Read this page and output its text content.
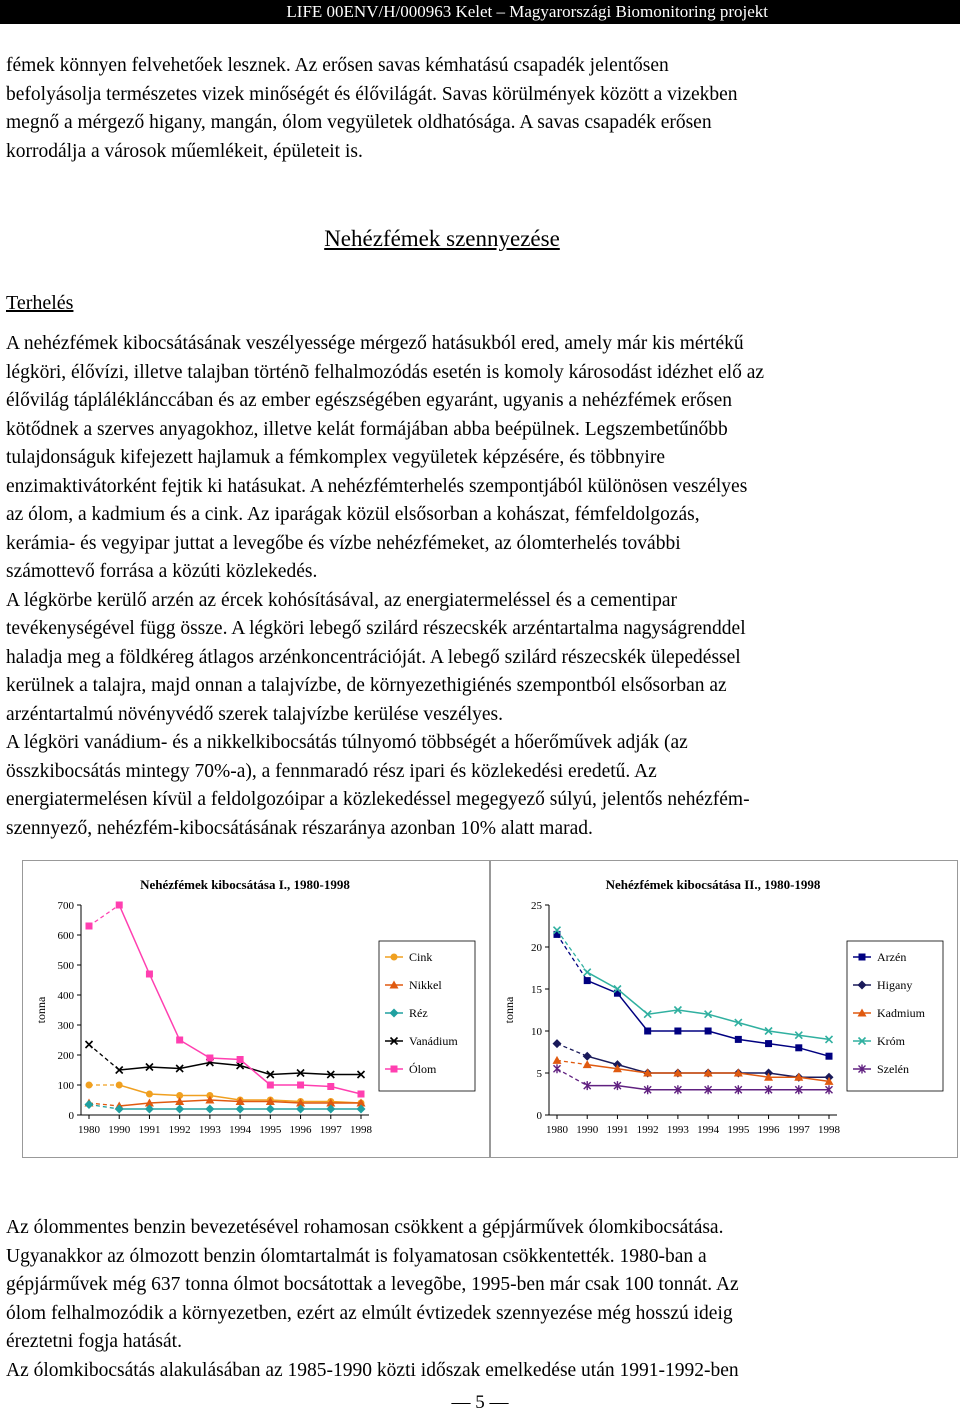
LIFE 00ENV/H/000963 Kelet – Magyarországi Biomonitoring projekt
fémek könnyen felvehetőek lesznek. Az erősen savas kémhatású csapadék jelentősen
befolyásolja természetes vizek minőségét és élővilágát. Savas körülmények között a vizekben
megnő a mérgező higany, mangán, ólom vegyületek oldhatósága. A savas csapadék erősen
korrodálja a városok műemlékeit, épületeit is.
Nehézfémek szennyezése
Terhelés
A nehézfémek kibocsátásának veszélyessége mérgező hatásukból ered, amely már kis mértékű
légköri, élővízi, illetve talajban történõ felhalmozódás esetén is komoly károsodást idézhet elő az
élővilág tápláléklánccában és az ember egészségében egyaránt, ugyanis a nehézfémek erősen
kötődnek a szerves anyagokhoz, illetve kelát formájában abba beépülnek. Legszembetűnőbb
tulajdonságuk kifejezett hajlamuk a fémkomplex vegyületek képzésére, és többnyire
enzimaktivátorként fejtik ki hatásukat. A nehézfémterhelés szempontjából különösen veszélyes
az ólom, a kadmium és a cink. Az iparágak közül elsősorban a kohászat, fémfeldolgozás,
kerámia- és vegyipar juttat a levegőbe és vízbe nehézfémeket, az ólomterhelés további
számottevő forrása a közúti közlekedés.
A légkörbe kerülő arzén az ércek kohósításával, az energiatermeléssel és a cementipar
tevékenységével függ össze. A légköri lebegő szilárd részecskék arzéntartalma nagyságrenddel
haladja meg a földkéreg átlagos arzénkoncentrációját. A lebegő szilárd részecskék ülepedéssel
kerülnek a talajra, majd onnan a talajvízbe, de környezethigiénés szempontból elsősorban az
arzéntartalmú növényvédő szerek talajvízbe kerülése veszélyes.
A légköri vanádium- és a nikkelkibocsátás túlnyomó többségét a hőerőművek adják (az
összkibocsátás mintegy 70%-a), a fennmaradó rész ipari és közlekedési eredetű. Az
energiatermelésen kívül a feldolgozóipar a közlekedéssel megegyező súlyú, jelentős nehézfém-
szennyező, nehézfém-kibocsátásának részaránya azonban 10% alatt marad.
Nehézfémek kibocsátása I., 1980-1998
tonna
0
100
200
300
400
500
600
700
1980 1990 1991 1992 1993 1994 1995 1996 1997 1998
Cink
Nikkel
Réz
Vanádium
Ólom
Nehézfémek kibocsátása II., 1980-1998
tonna
0
5
10
15
20
25
1980 1990 1991 1992 1993 1994 1995 1996 1997 1998
Arzén
Higany
Kadmium
Króm
Szelén
Az ólommentes benzin bevezetésével rohamosan csökkent a gépjárművek ólomkibocsátása.
Ugyanakkor az ólmozott benzin ólomtartalmát is folyamatosan csökkentették. 1980-ban a
gépjárművek még 637 tonna ólmot bocsátottak a levegõbe, 1995-ben már csak 100 tonnát. Az
ólom felhalmozódik a környezetben, ezért az elmúlt évtizedek szennyezése még hosszú ideig
éreztetni fogja hatását.
Az ólomkibocsátás alakulásában az 1985-1990 közti időszak emelkedése után 1991-1992-ben
— 5 —
